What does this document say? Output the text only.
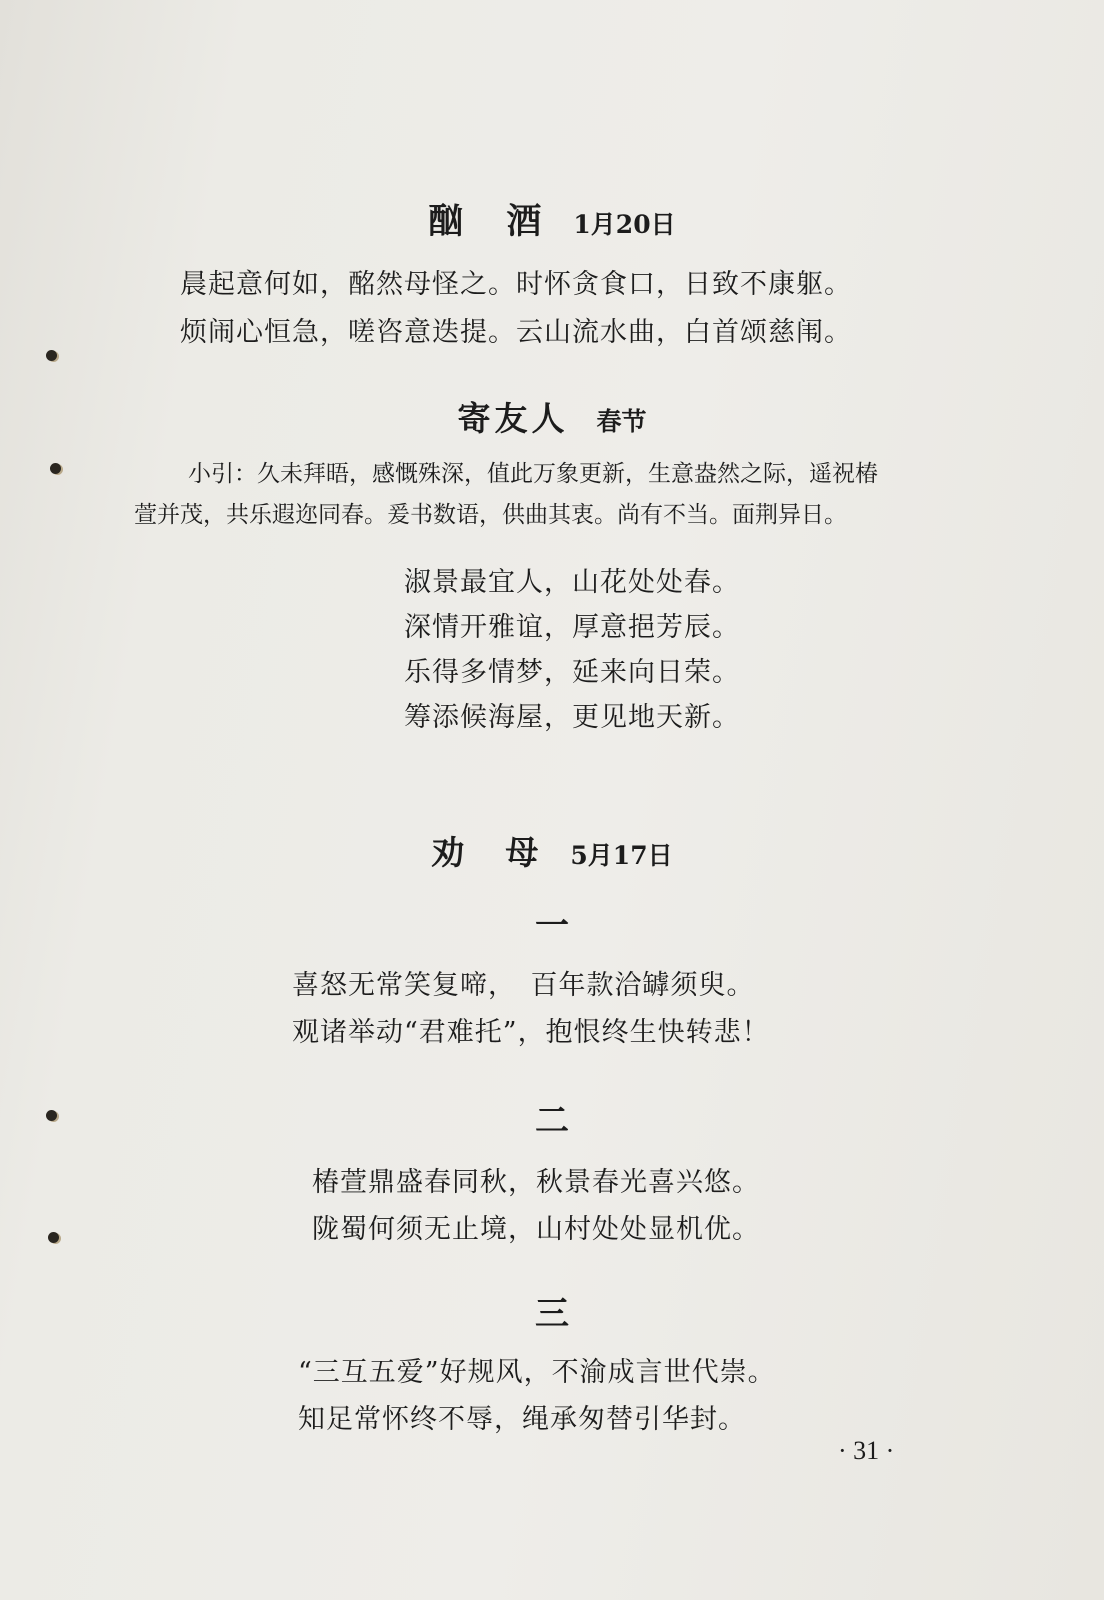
酗　酒 1月20日
晨起意何如，酩然母怪之。时怀贪食口，日致不康躯。
烦闹心恒急，嗟咨意迭提。云山流水曲，白首颂慈闱。
寄友人 春节
小引：久未拜晤，感慨殊深，值此万象更新，生意盎然之际，遥祝椿
萱并茂，共乐遐迩同春。爰书数语，供曲其衷。尚有不当。面荆异日。
淑景最宜人，山花处处春。
深情开雅谊，厚意挹芳辰。
乐得多情梦，延来向日荣。
筹添候海屋，更见地天新。
劝　母 5月17日
一
喜怒无常笑复啼，　百年款洽罅须臾。
观诸举动“君难托”，抱恨终生快转悲！
二
椿萱鼎盛春同秋，秋景春光喜兴悠。
陇蜀何须无止境，山村处处显机优。
三
“三互五爱”好规风，不渝成言世代崇。
知足常怀终不辱，绳承匆替引华封。
· 31 ·
